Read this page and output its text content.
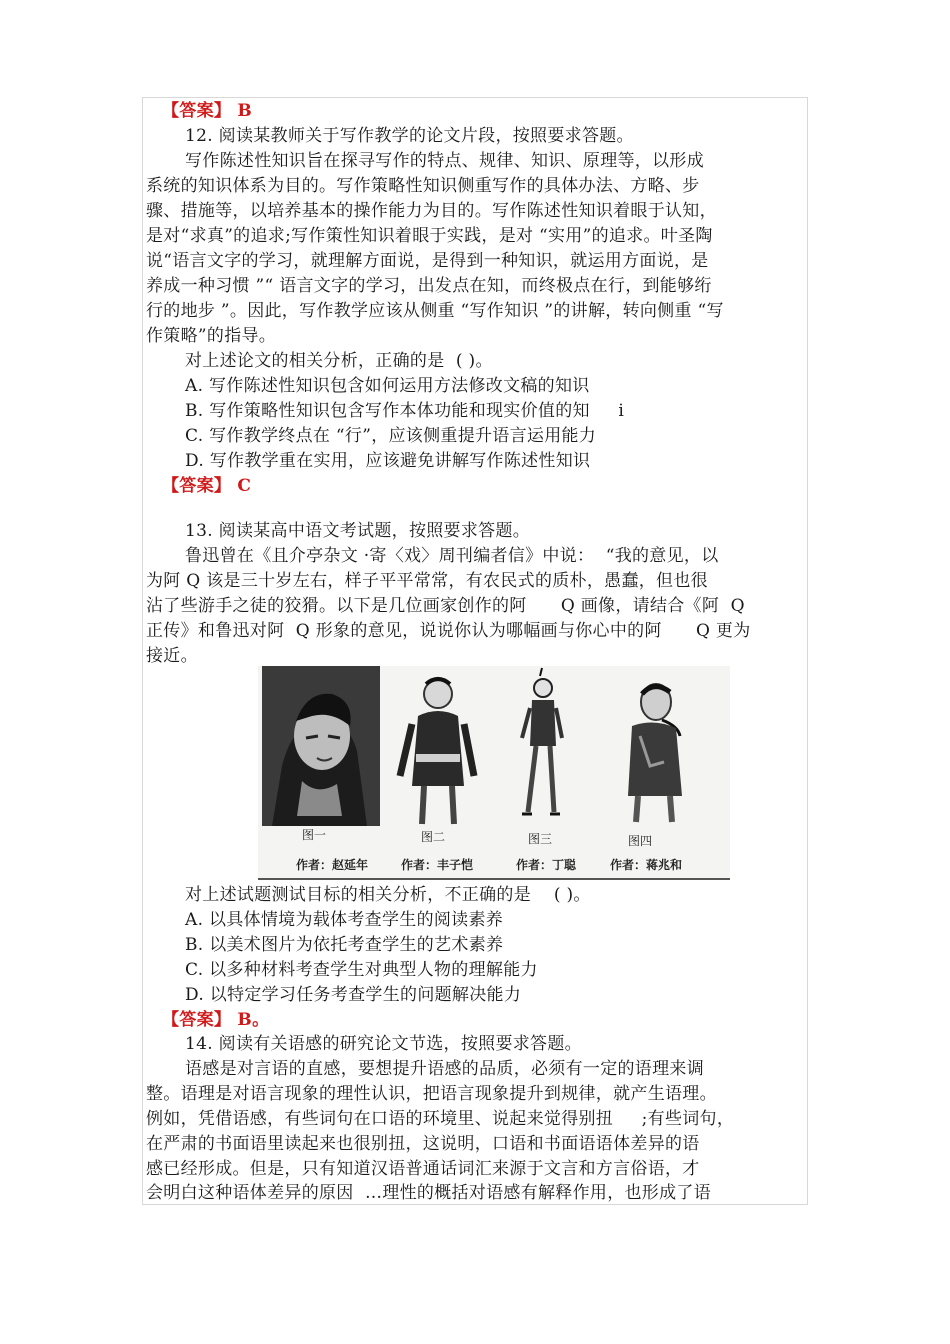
【答案】 B
12. 阅读某教师关于写作教学的论文片段，按照要求答题。
写作陈述性知识旨在探寻写作的特点、规律、知识、原理等，以形成
系统的知识体系为目的。写作策略性知识侧重写作的具体办法、方略、步
骤、措施等，以培养基本的操作能力为目的。写作陈述性知识着眼于认知，
是对“求真”的追求;写作策性知识着眼于实践，是对 “实用”的追求。叶圣陶
说“语言文字的学习，就理解方面说，是得到一种知识，就运用方面说，是
养成一种习惯 ”“ 语言文字的学习，出发点在知，而终极点在行，到能够绗
行的地步 ”。因此，写作教学应该从侧重 “写作知识 ”的讲解，转向侧重 “写
作策略”的指导。
对上述论文的相关分析，正确的是  ( )。
A. 写作陈述性知识包含如何运用方法修改文稿的知识
B. 写作策略性知识包含写作本体功能和现实价值的知     i
C. 写作教学终点在 “行”，应该侧重提升语言运用能力
D. 写作教学重在实用，应该避免讲解写作陈述性知识
【答案】 C
13. 阅读某高中语文考试题，按照要求答题。
鲁迅曾在《且介亭杂文 ·寄〈戏〉周刊编者信》中说：  “我的意见，以
为阿 Q 该是三十岁左右，样子平平常常，有农民式的质朴，愚蠢，但也很
沾了些游手之徒的狡猾。以下是几位画家创作的阿      Q 画像，请结合《阿  Q
正传》和鲁迅对阿  Q 形象的意见，说说你认为哪幅画与你心中的阿      Q 更为
接近。
图一	图二	图三	图四
作者：赵延年	作者：丰子恺	作者：丁聪	作者：蒋兆和
对上述试题测试目标的相关分析，不正确的是    ( )。
A. 以具体情境为载体考查学生的阅读素养
B. 以美术图片为依托考查学生的艺术素养
C. 以多种材料考查学生对典型人物的理解能力
D. 以特定学习任务考查学生的问题解决能力
【答案】 B。
14. 阅读有关语感的研究论文节选，按照要求答题。
语感是对言语的直感，要想提升语感的品质，必须有一定的语理来调
整。语理是对语言现象的理性认识，把语言现象提升到规律，就产生语理。
例如，凭借语感，有些词句在口语的环境里、说起来觉得别扭     ;有些词句，
在严肃的书面语里读起来也很别扭，这说明，口语和书面语语体差异的语
感已经形成。但是，只有知道汉语普通话词汇来源于文言和方言俗语，才
会明白这种语体差异的原因  …理性的概括对语感有解释作用，也形成了语
